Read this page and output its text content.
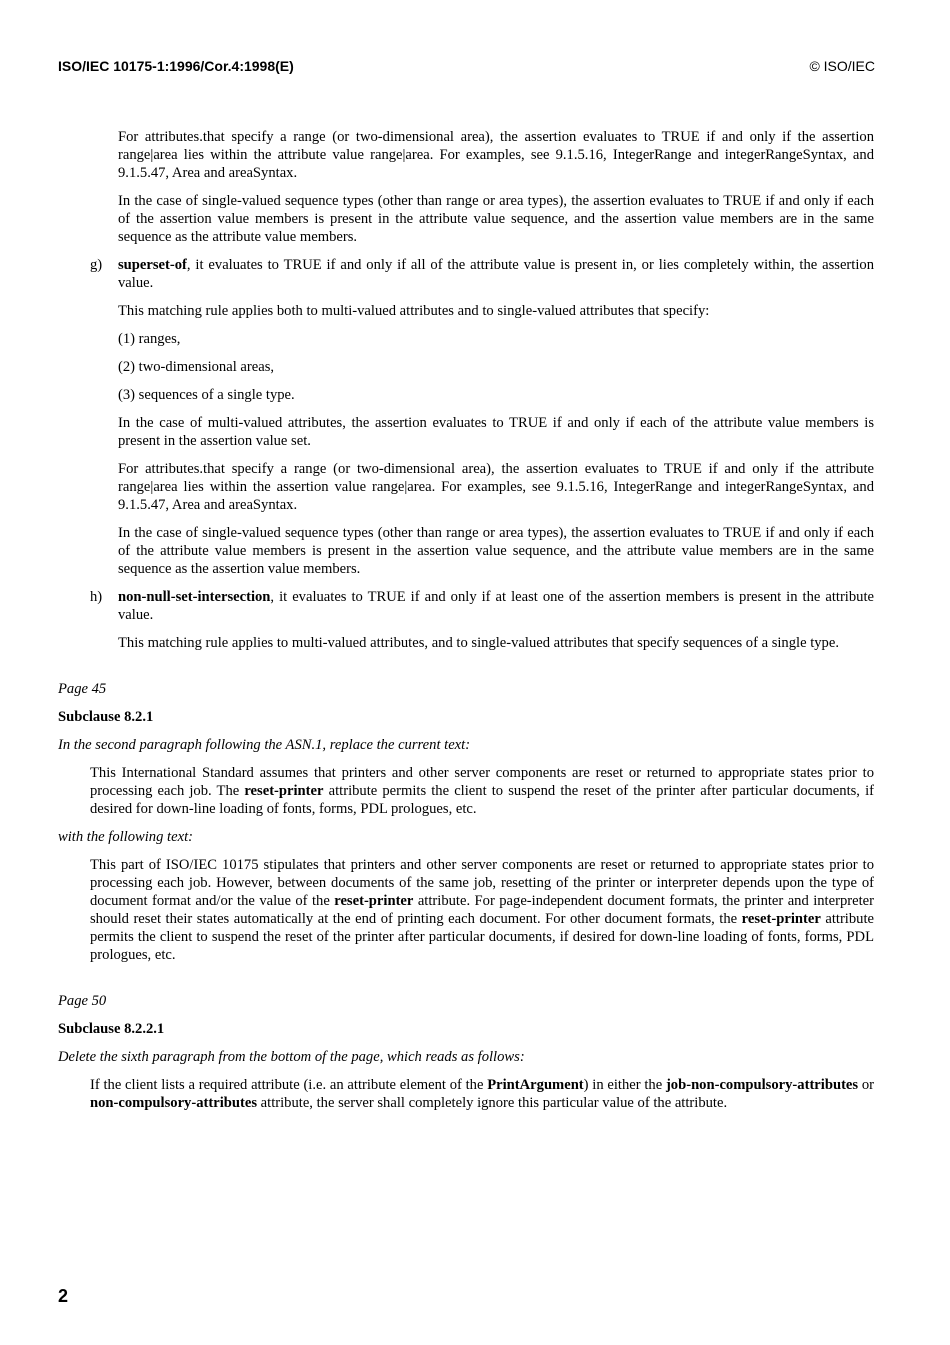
ISO/IEC 10175-1:1996/Cor.4:1998(E)	© ISO/IEC

For attributes.that specify a range (or two-dimensional area), the assertion evaluates to TRUE if and only if the assertion range|area lies within the attribute value range|area. For examples, see 9.1.5.16, IntegerRange and integerRangeSyntax, and 9.1.5.47, Area and areaSyntax.

In the case of single-valued sequence types (other than range or area types), the assertion evaluates to TRUE if and only if each of the assertion value members is present in the attribute value sequence, and the assertion value members are in the same sequence as the attribute value members.

g) superset-of, it evaluates to TRUE if and only if all of the attribute value is present in, or lies completely within, the assertion value.

This matching rule applies both to multi-valued attributes and to single-valued attributes that specify:

(1) ranges,

(2) two-dimensional areas,

(3) sequences of a single type.

In the case of multi-valued attributes, the assertion evaluates to TRUE if and only if each of the attribute value members is present in the assertion value set.

For attributes.that specify a range (or two-dimensional area), the assertion evaluates to TRUE if and only if the attribute range|area lies within the assertion value range|area. For examples, see 9.1.5.16, IntegerRange and integerRangeSyntax, and 9.1.5.47, Area and areaSyntax.

In the case of single-valued sequence types (other than range or area types), the assertion evaluates to TRUE if and only if each of the attribute value members is present in the assertion value sequence, and the attribute value members are in the same sequence as the assertion value members.

h) non-null-set-intersection, it evaluates to TRUE if and only if at least one of the assertion members is present in the attribute value.

This matching rule applies to multi-valued attributes, and to single-valued attributes that specify sequences of a single type.

Page 45

Subclause 8.2.1

In the second paragraph following the ASN.1, replace the current text:

This International Standard assumes that printers and other server components are reset or returned to appropriate states prior to processing each job. The reset-printer attribute permits the client to suspend the reset of the printer after particular documents, if desired for down-line loading of fonts, forms, PDL prologues, etc.

with the following text:

This part of ISO/IEC 10175 stipulates that printers and other server components are reset or returned to appropriate states prior to processing each job. However, between documents of the same job, resetting of the printer or interpreter depends upon the type of document format and/or the value of the reset-printer attribute. For page-independent document formats, the printer and interpreter should reset their states automatically at the end of printing each document. For other document formats, the reset-printer attribute permits the client to suspend the reset of the printer after particular documents, if desired for down-line loading of fonts, forms, PDL prologues, etc.

Page 50

Subclause 8.2.2.1

Delete the sixth paragraph from the bottom of the page, which reads as follows:

If the client lists a required attribute (i.e. an attribute element of the PrintArgument) in either the job-non-compulsory-attributes or non-compulsory-attributes attribute, the server shall completely ignore this particular value of the attribute.

2
